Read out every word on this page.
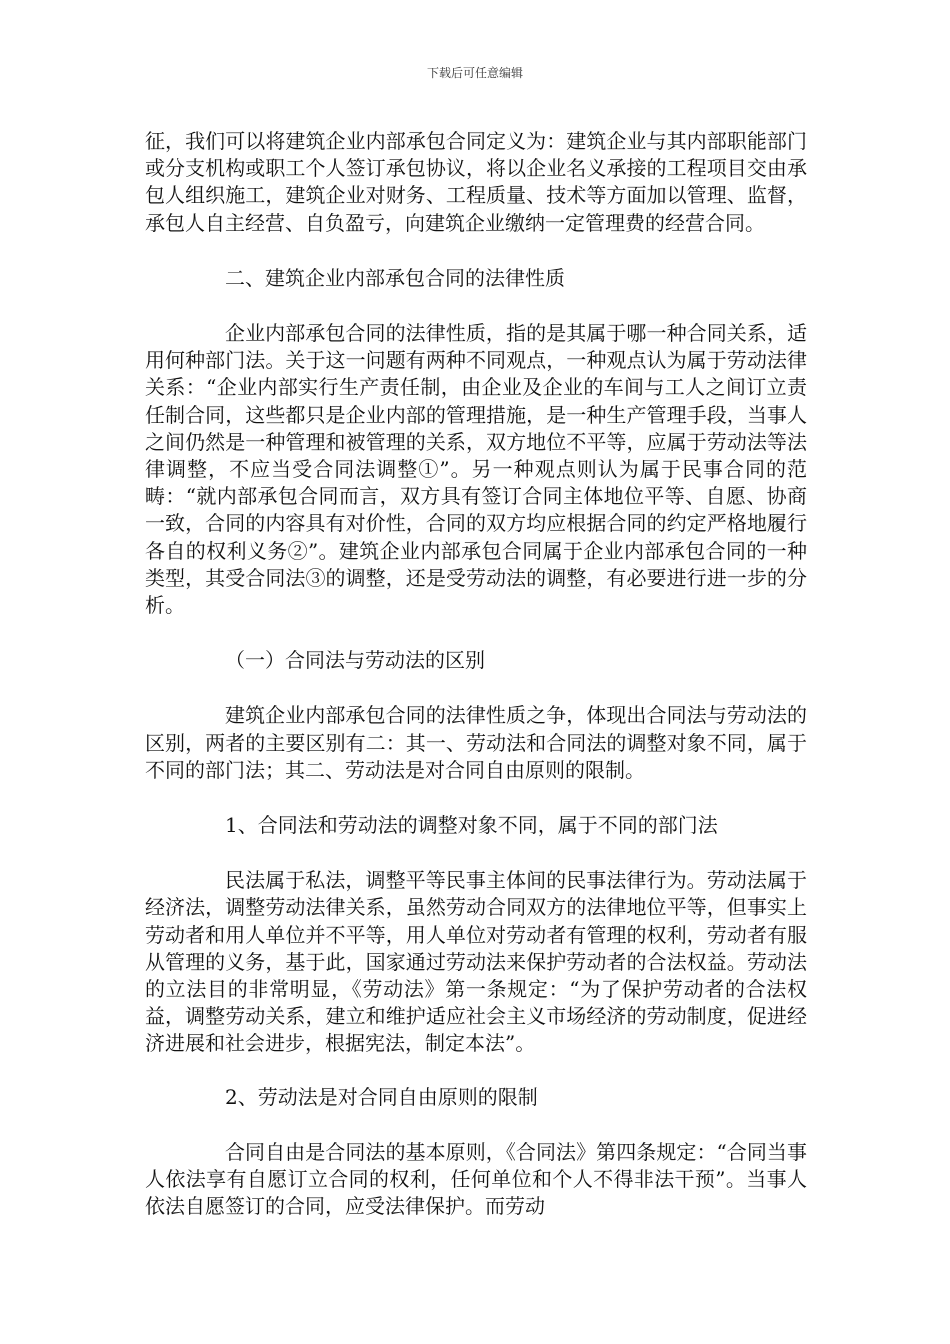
下载后可任意编辑

征，我们可以将建筑企业内部承包合同定义为：建筑企业与其内部职能部门或分支机构或职工个人签订承包协议，将以企业名义承接的工程项目交由承包人组织施工，建筑企业对财务、工程质量、技术等方面加以管理、监督，承包人自主经营、自负盈亏，向建筑企业缴纳一定管理费的经营合同。

二、建筑企业内部承包合同的法律性质

企业内部承包合同的法律性质，指的是其属于哪一种合同关系，适用何种部门法。关于这一问题有两种不同观点，一种观点认为属于劳动法律关系：“企业内部实行生产责任制，由企业及企业的车间与工人之间订立责任制合同，这些都只是企业内部的管理措施，是一种生产管理手段，当事人之间仍然是一种管理和被管理的关系，双方地位不平等，应属于劳动法等法律调整，不应当受合同法调整①”。另一种观点则认为属于民事合同的范畴：“就内部承包合同而言，双方具有签订合同主体地位平等、自愿、协商一致，合同的内容具有对价性，合同的双方均应根据合同的约定严格地履行各自的权利义务②”。建筑企业内部承包合同属于企业内部承包合同的一种类型，其受合同法③的调整，还是受劳动法的调整，有必要进行进一步的分析。

（一）合同法与劳动法的区别

建筑企业内部承包合同的法律性质之争，体现出合同法与劳动法的区别，两者的主要区别有二：其一、劳动法和合同法的调整对象不同，属于不同的部门法；其二、劳动法是对合同自由原则的限制。

1、合同法和劳动法的调整对象不同，属于不同的部门法

民法属于私法，调整平等民事主体间的民事法律行为。劳动法属于经济法，调整劳动法律关系，虽然劳动合同双方的法律地位平等，但事实上劳动者和用人单位并不平等，用人单位对劳动者有管理的权利，劳动者有服从管理的义务，基于此，国家通过劳动法来保护劳动者的合法权益。劳动法的立法目的非常明显，《劳动法》第一条规定：“为了保护劳动者的合法权益，调整劳动关系，建立和维护适应社会主义市场经济的劳动制度，促进经济进展和社会进步，根据宪法，制定本法”。

2、劳动法是对合同自由原则的限制

合同自由是合同法的基本原则，《合同法》第四条规定：“合同当事人依法享有自愿订立合同的权利，任何单位和个人不得非法干预”。当事人依法自愿签订的合同，应受法律保护。而劳动
